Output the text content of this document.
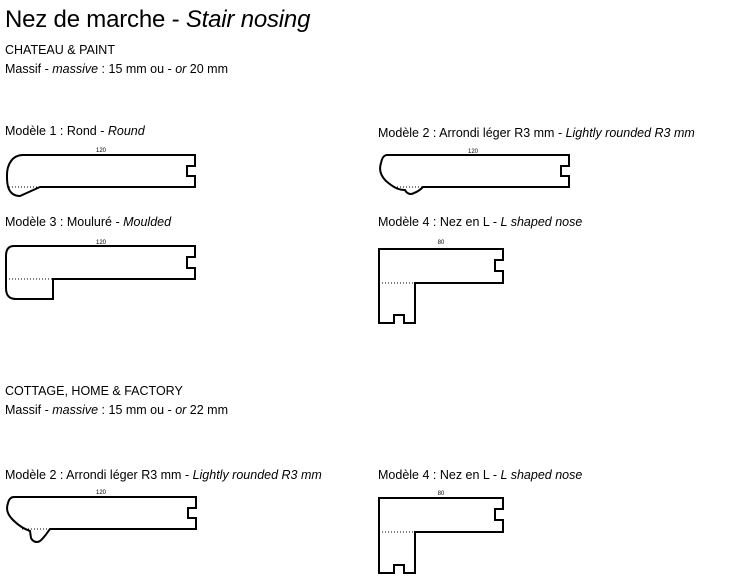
Nez de marche - Stair nosing
CHATEAU & PAINT
Massif - massive : 15 mm ou - or 20 mm
Modèle 1 : Rond - Round	Modèle 2 : Arrondi léger R3 mm - Lightly rounded R3 mm
Modèle 3 : Mouluré - Moulded	Modèle 4 : Nez en L - L shaped nose
120	120
120	80
COTTAGE, HOME & FACTORY
Massif - massive : 15 mm ou - or 22 mm
Modèle 2 : Arrondi léger R3 mm - Lightly rounded R3 mm	Modèle 4 : Nez en L - L shaped nose
120	80
